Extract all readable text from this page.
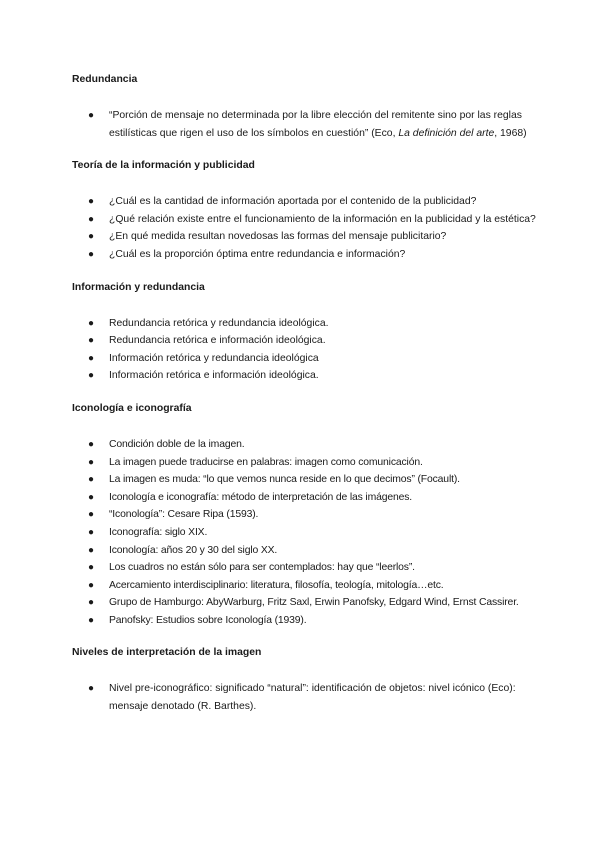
Redundancia
● “Porción de mensaje no determinada por la libre elección del remitente sino por las reglas estilísticas que rigen el uso de los símbolos en cuestión” (Eco, La definición del arte, 1968)
Teoría de la información y publicidad
● ¿Cuál es la cantidad de información aportada por el contenido de la publicidad?
● ¿Qué relación existe entre el funcionamiento de la información en la publicidad y la estética?
● ¿En qué medida resultan novedosas las formas del mensaje publicitario?
● ¿Cuál es la proporción óptima entre redundancia e información?
Información y redundancia
● Redundancia retórica y redundancia ideológica.
● Redundancia retórica e información ideológica.
● Información retórica y redundancia ideológica
● Información retórica e información ideológica.
Iconología e iconografía
● Condición doble de la imagen.
● La imagen puede traducirse en palabras: imagen como comunicación.
● La imagen es muda: “lo que vemos nunca reside en lo que decimos” (Focault).
● Iconología e iconografía: método de interpretación de las imágenes.
● “Iconología”: Cesare Ripa (1593).
● Iconografía: siglo XIX.
● Iconología: años 20 y 30 del siglo XX.
● Los cuadros no están sólo para ser contemplados: hay que “leerlos”.
● Acercamiento interdisciplinario: literatura, filosofía, teología, mitología…etc.
● Grupo de Hamburgo: AbyWarburg, Fritz Saxl, Erwin Panofsky, Edgard Wind, Ernst Cassirer.
● Panofsky: Estudios sobre Iconología (1939).
Niveles de interpretación de la imagen
● Nivel pre-iconográfico: significado “natural”: identificación de objetos: nivel icónico (Eco): mensaje denotado (R. Barthes).
